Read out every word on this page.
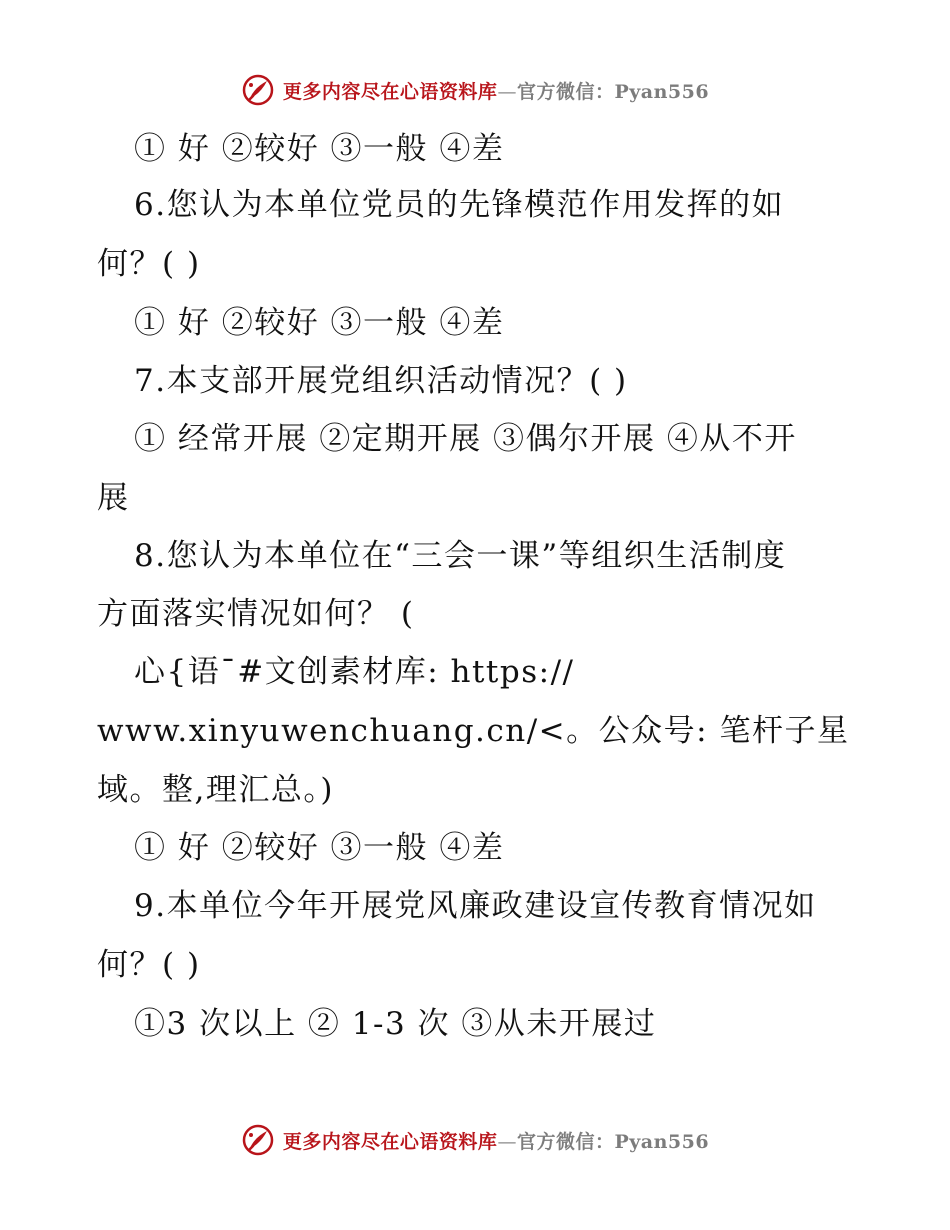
更多内容尽在心语资料库—官方微信：Pyan556
① 好 ②较好 ③一般 ④差
6.您认为本单位党员的先锋模范作用发挥的如
何？( )
① 好 ②较好 ③一般 ④差
7.本支部开展党组织活动情况？( )
① 经常开展 ②定期开展 ③偶尔开展 ④从不开
展
8.您认为本单位在“三会一课”等组织生活制度
方面落实情况如何？ (
心{语¯#文创素材库: https://
www.xinyuwenchuang.cn/<。公众号: 笔杆子星
域。整,理汇总。)
① 好 ②较好 ③一般 ④差
9.本单位今年开展党风廉政建设宣传教育情况如
何？( )
①3 次以上 ② 1-3 次 ③从未开展过
更多内容尽在心语资料库—官方微信：Pyan556
